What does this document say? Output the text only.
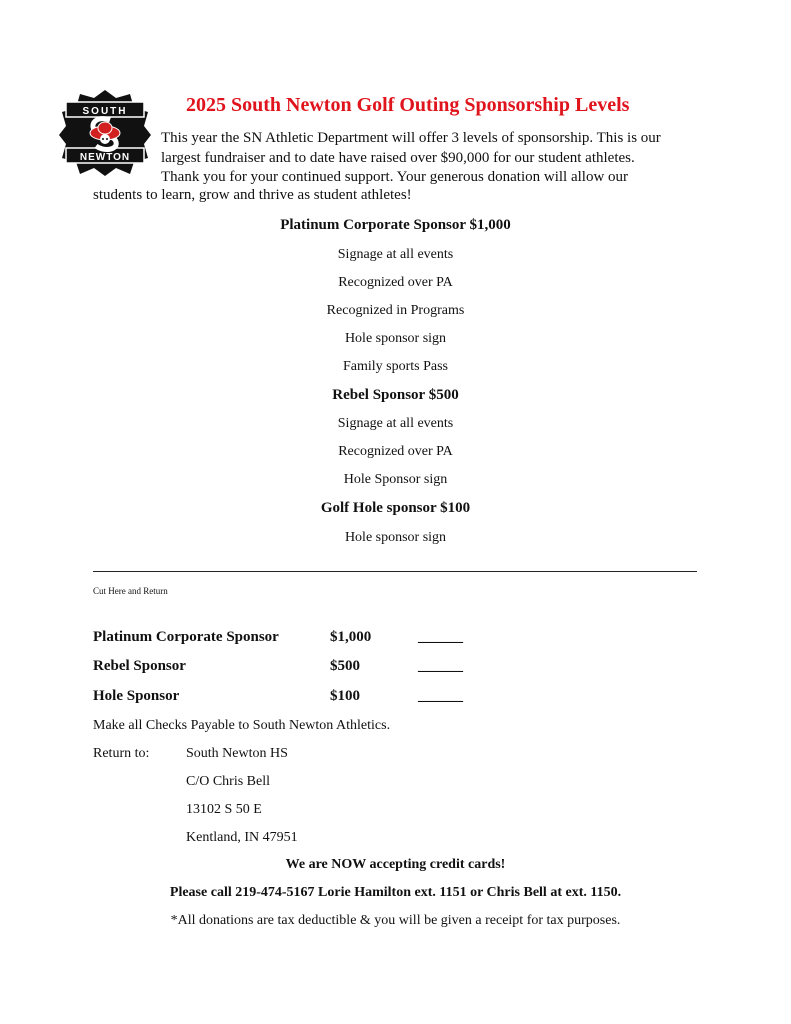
SOUTH
NEWTON
2025 South Newton Golf Outing Sponsorship Levels
This year the SN Athletic Department will offer 3 levels of sponsorship. This is our
largest fundraiser and to date have raised over $90,000 for our student athletes.
Thank you for your continued support. Your generous donation will allow our
students to learn, grow and thrive as student athletes!
Platinum Corporate Sponsor $1,000
Signage at all events
Recognized over PA
Recognized in Programs
Hole sponsor sign
Family sports Pass
Rebel Sponsor $500
Signage at all events
Recognized over PA
Hole Sponsor sign
Golf Hole sponsor $100
Hole sponsor sign
Cut Here and Return
Platinum Corporate Sponsor	$1,000	______
Rebel Sponsor	$500	______
Hole Sponsor	$100	______
Make all Checks Payable to South Newton Athletics.
Return to:	South Newton HS
C/O Chris Bell
13102 S 50 E
Kentland, IN 47951
We are NOW accepting credit cards!
Please call 219-474-5167 Lorie Hamilton ext. 1151 or Chris Bell at ext. 1150.
*All donations are tax deductible & you will be given a receipt for tax purposes.
